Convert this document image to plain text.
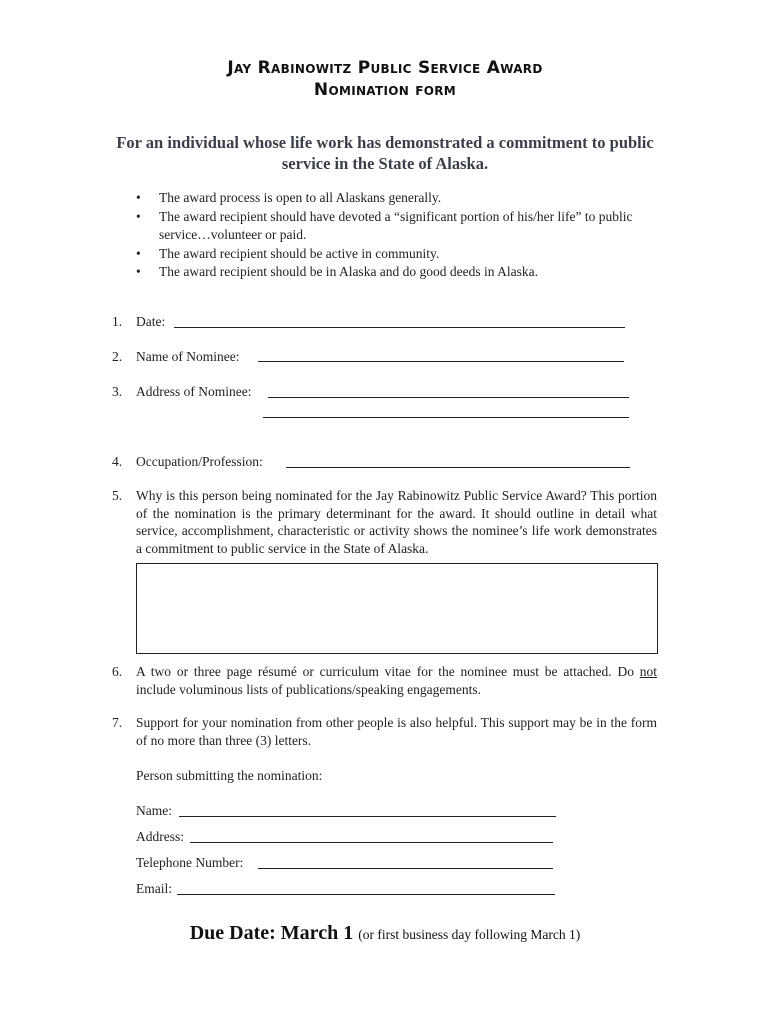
Jay Rabinowitz Public Service Award
Nomination form
For an individual whose life work has demonstrated a commitment to public service in the State of Alaska.
• The award process is open to all Alaskans generally.
• The award recipient should have devoted a “significant portion of his/her life” to public service…volunteer or paid.
• The award recipient should be active in community.
• The award recipient should be in Alaska and do good deeds in Alaska.
1.	Date:
2.	Name of Nominee:
3.	Address of Nominee:
4.	Occupation/Profession:
5.	Why is this person being nominated for the Jay Rabinowitz Public Service Award? This portion of the nomination is the primary determinant for the award. It should outline in detail what service, accomplishment, characteristic or activity shows the nominee’s life work demonstrates a commitment to public service in the State of Alaska.
6.	A two or three page résumé or curriculum vitae for the nominee must be attached. Do not include voluminous lists of publications/speaking engagements.
7.	Support for your nomination from other people is also helpful. This support may be in the form of no more than three (3) letters.
Person submitting the nomination:
Name:
Address:
Telephone Number:
Email:
Due Date: March 1 (or first business day following March 1)
